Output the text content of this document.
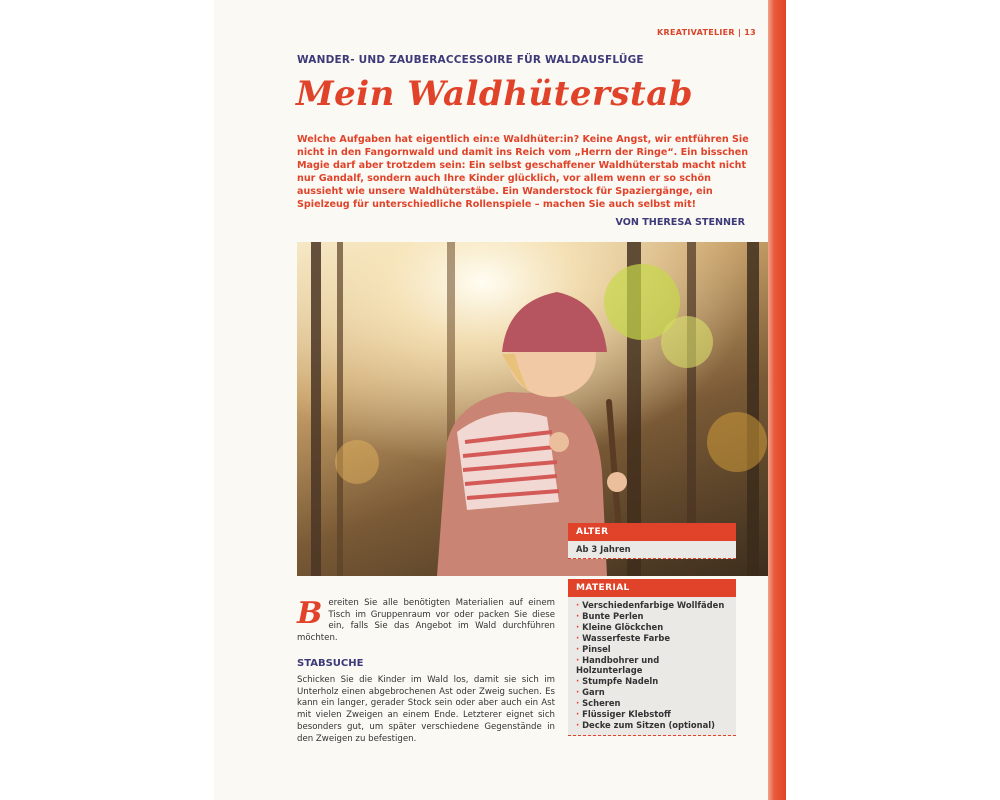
KREATIVATELIER | 13
WANDER- UND ZAUBERACCESSOIRE FÜR WALDAUSFLÜGE
Mein Waldhüterstab
Welche Aufgaben hat eigentlich ein:e Waldhüter:in? Keine Angst, wir entführen Sie nicht in den Fangornwald und damit ins Reich vom „Herrn der Ringe“. Ein bisschen Magie darf aber trotzdem sein: Ein selbst geschaffener Waldhüterstab macht nicht nur Gandalf, sondern auch Ihre Kinder glücklich, vor allem wenn er so schön aussieht wie unsere Waldhüterstäbe. Ein Wanderstock für Spaziergänge, ein Spielzeug für unterschiedliche Rollenspiele – machen Sie auch selbst mit!
VON THERESA STENNER
ALTER
Ab 3 Jahren
MATERIAL
· Verschiedenfarbige Wollfäden
· Bunte Perlen
· Kleine Glöckchen
· Wasserfeste Farbe
· Pinsel
· Handbohrer und Holzunterlage
· Stumpfe Nadeln
· Garn
· Scheren
· Flüssiger Klebstoff
· Decke zum Sitzen (optional)
Bereiten Sie alle benötigten Materialien auf einem Tisch im Gruppenraum vor oder packen Sie diese ein, falls Sie das Angebot im Wald durchführen möchten.
STABSUCHE
Schicken Sie die Kinder im Wald los, damit sie sich im Unterholz einen abgebrochenen Ast oder Zweig suchen. Es kann ein langer, gerader Stock sein oder aber auch ein Ast mit vielen Zweigen an einem Ende. Letzterer eignet sich besonders gut, um später verschiedene Gegenstände in den Zweigen zu befestigen.
